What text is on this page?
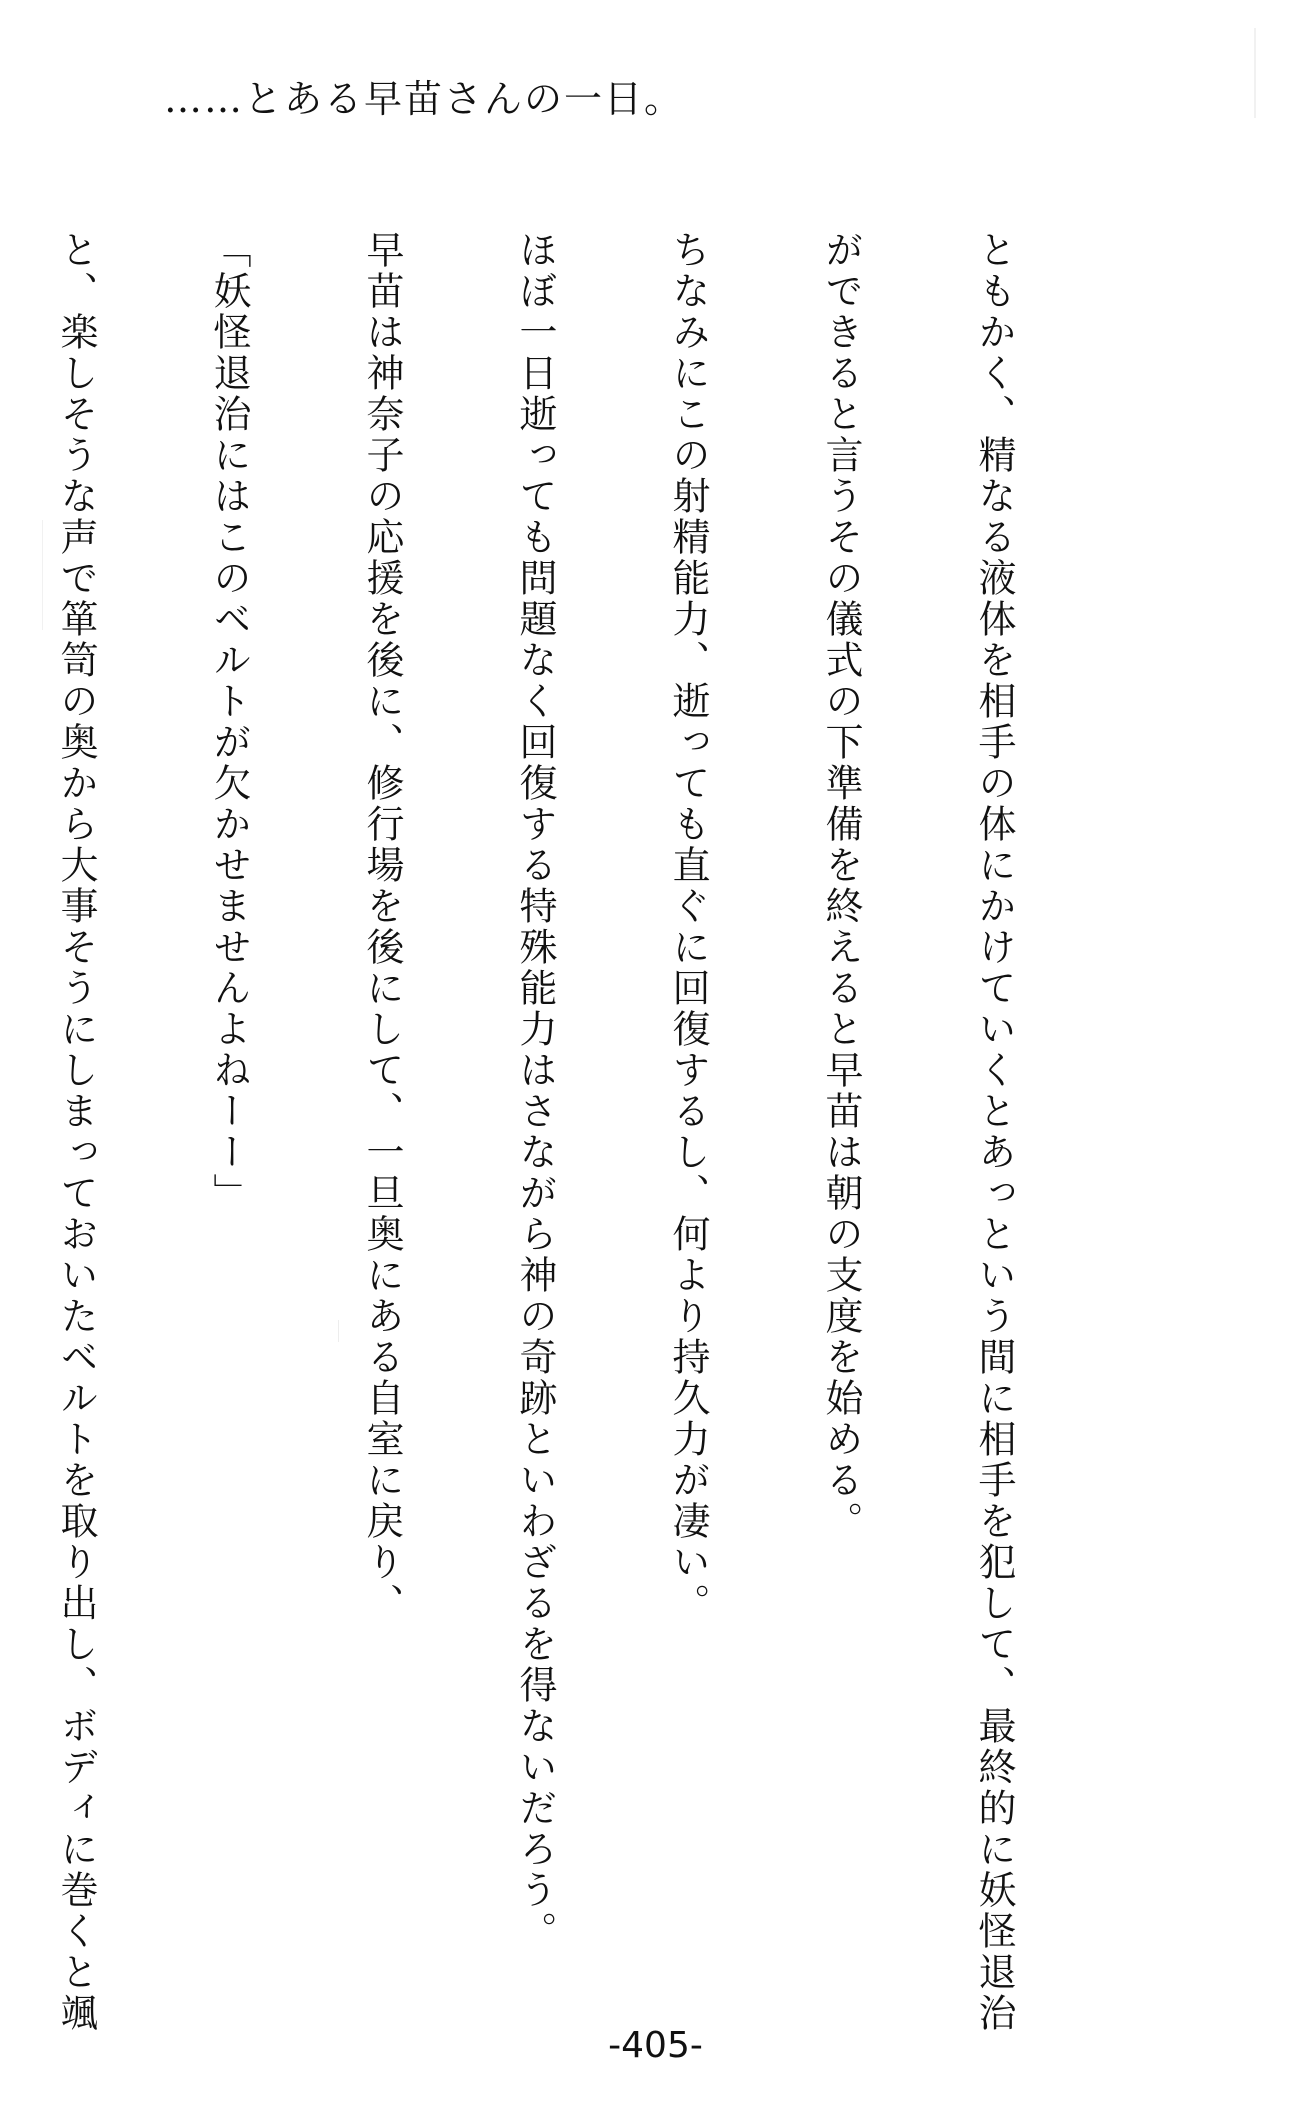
……とある早苗さんの一日。

ともかく、精なる液体を相手の体にかけていくとあっという間に相手を犯して、最終的に妖怪退治

ができると言うその儀式の下準備を終えると早苗は朝の支度を始める。

ちなみにこの射精能力、逝っても直ぐに回復するし、何より持久力が凄い。

ほぼ一日逝っても問題なく回復する特殊能力はさながら神の奇跡といわざるを得ないだろう。

早苗は神奈子の応援を後に、修行場を後にして、一旦奥にある自室に戻り、

「妖怪退治にはこのベルトが欠かせませんよねーー」

と、楽しそうな声で箪笥の奥から大事そうにしまっておいたベルトを取り出し、ボディに巻くと颯

-405-
